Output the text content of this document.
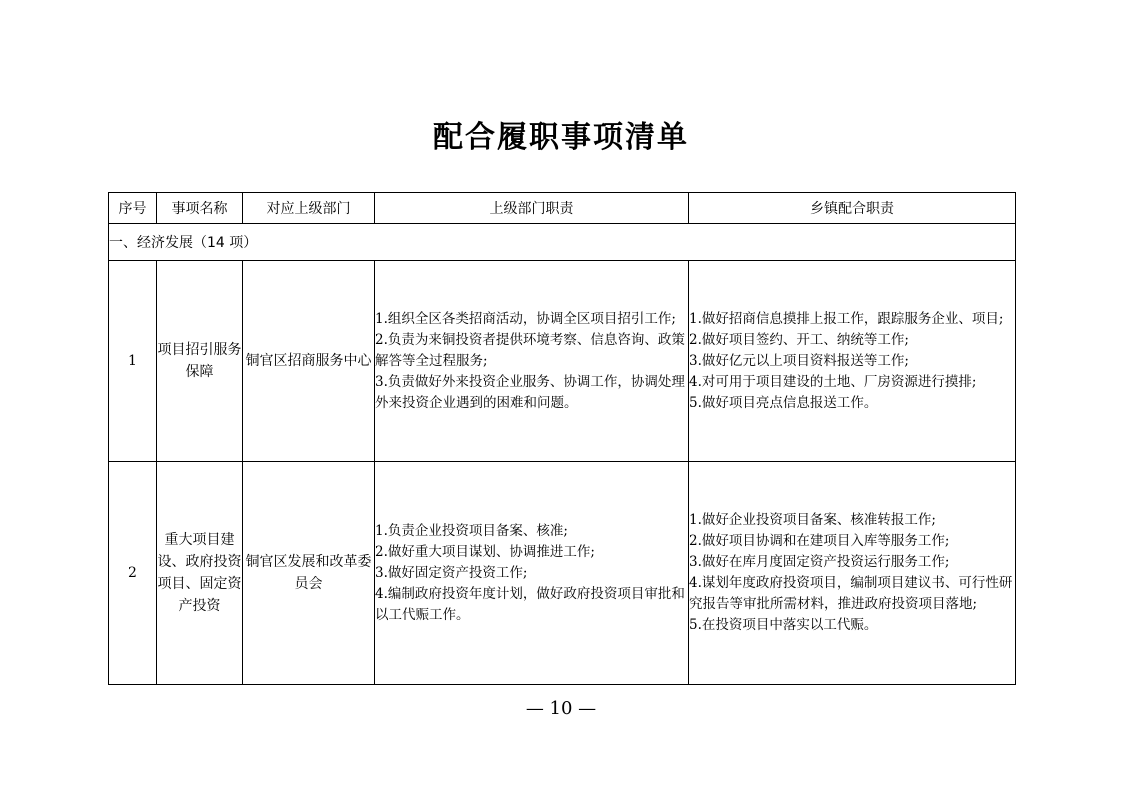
配合履职事项清单
序号	事项名称	对应上级部门	上级部门职责	乡镇配合职责
一、经济发展（14 项）				
1	项目招引服务保障	铜官区招商服务中心	1.组织全区各类招商活动，协调全区项目招引工作;
2.负责为来铜投资者提供环境考察、信息咨询、政策解答等全过程服务;
3.负责做好外来投资企业服务、协调工作，协调处理外来投资企业遇到的困难和问题。	1.做好招商信息摸排上报工作，跟踪服务企业、项目;
2.做好项目签约、开工、纳统等工作;
3.做好亿元以上项目资料报送等工作;
4.对可用于项目建设的土地、厂房资源进行摸排;
5.做好项目亮点信息报送工作。

2	重大项目建设、政府投资项目、固定资产投资	铜官区发展和改革委员会	1.负责企业投资项目备案、核准;
2.做好重大项目谋划、协调推进工作;
3.做好固定资产投资工作;
4.编制政府投资年度计划，做好政府投资项目审批和以工代赈工作。	1.做好企业投资项目备案、核准转报工作;
2.做好项目协调和在建项目入库等服务工作;
3.做好在库月度固定资产投资运行服务工作;
4.谋划年度政府投资项目，编制项目建议书、可行性研究报告等审批所需材料，推进政府投资项目落地;
5.在投资项目中落实以工代赈。
— 10 —
